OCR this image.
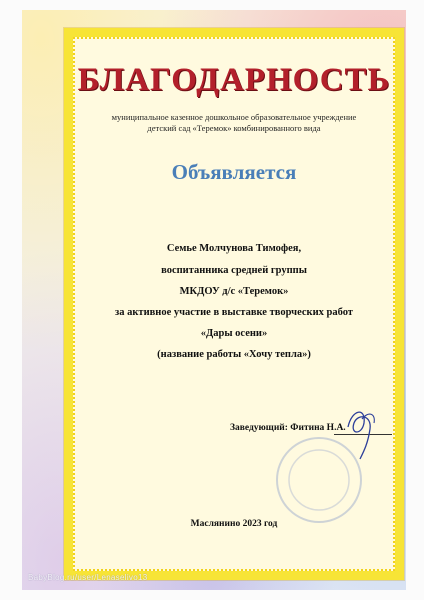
БЛАГОДАРНОСТЬ
муниципальное казенное дошкольное образовательное учреждение
детский сад «Теремок» комбинированного вида
Объявляется
Семье Молчунова Тимофея,
воспитанника средней группы
МКДОУ д/с «Теремок»
за активное участие в выставке творческих работ
«Дары осени»
(название работы «Хочу тепла»)
Заведующий: Фитина Н.А.
Маслянино 2023 год
BabyBlog.ru/user/Lenaselivo13
